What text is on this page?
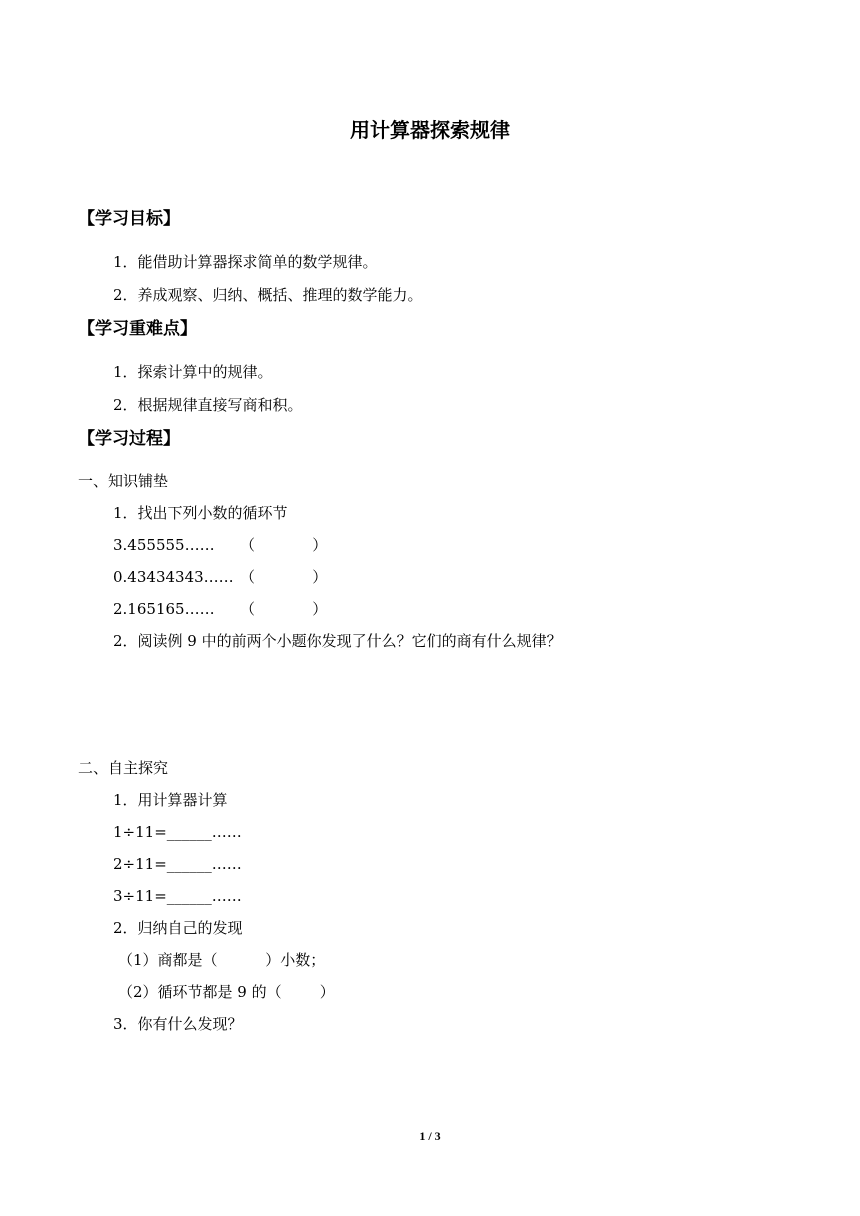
用计算器探索规律
【学习目标】
1．能借助计算器探求简单的数学规律。
2．养成观察、归纳、概括、推理的数学能力。
【学习重难点】
1．探索计算中的规律。
2．根据规律直接写商和积。
【学习过程】
一、知识铺垫
1．找出下列小数的循环节
3.455555…… （            ）
0.43434343…… （            ）
2.165165…… （            ）
2．阅读例 9 中的前两个小题你发现了什么？它们的商有什么规律？
二、自主探究
1．用计算器计算
1÷11=______……
2÷11=______……
3÷11=______……
2．归纳自己的发现
（1）商都是（          ）小数；
（2）循环节都是 9 的（        ）
3．你有什么发现？
1 / 3
